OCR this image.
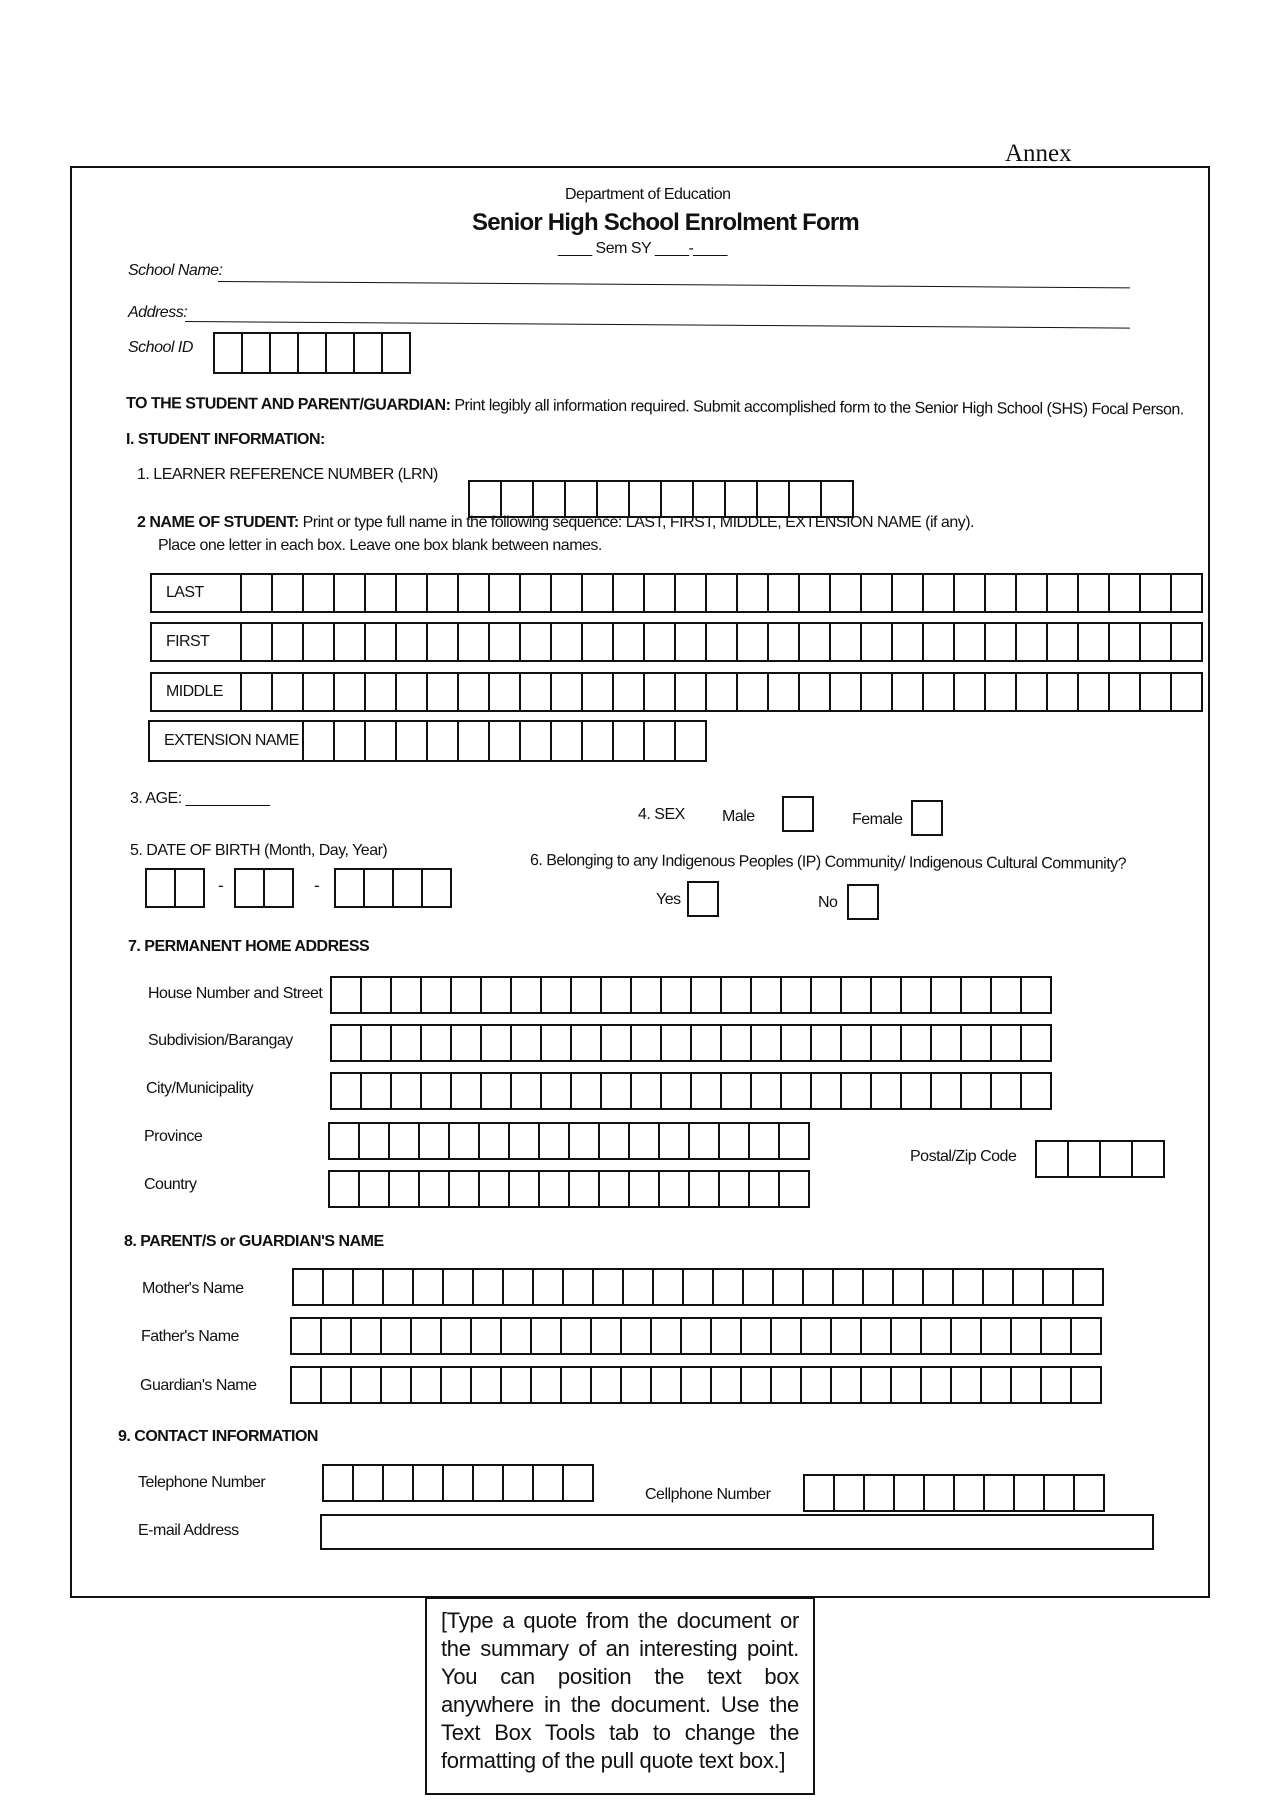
Annex
Department of Education
Senior High School Enrolment Form
____ Sem SY ____-____
School Name:
Address:
School ID
TO THE STUDENT AND PARENT/GUARDIAN: Print legibly all information required. Submit accomplished form to the Senior High School (SHS) Focal Person.
I. STUDENT INFORMATION:
1. LEARNER REFERENCE NUMBER (LRN)
2 NAME OF STUDENT: Print or type full name in the following sequence: LAST, FIRST, MIDDLE, EXTENSION NAME (if any).
Place one letter in each box. Leave one box blank between names.
LAST
FIRST
MIDDLE
EXTENSION NAME
3. AGE: __________
4. SEX Male	Female
5. DATE OF BIRTH (Month, Day, Year)
-	-
6. Belonging to any Indigenous Peoples (IP) Community/ Indigenous Cultural Community?
Yes	No
7. PERMANENT HOME ADDRESS
House Number and Street
Subdivision/Barangay
City/Municipality
Province
Postal/Zip Code
Country
8. PARENT/S or GUARDIAN'S NAME
Mother's Name
Father's Name
Guardian's Name
9. CONTACT INFORMATION
Telephone Number
Cellphone Number
E-mail Address
[Type a quote from the document or the summary of an interesting point. You can position the text box anywhere in the document. Use the Text Box Tools tab to change the formatting of the pull quote text box.]
